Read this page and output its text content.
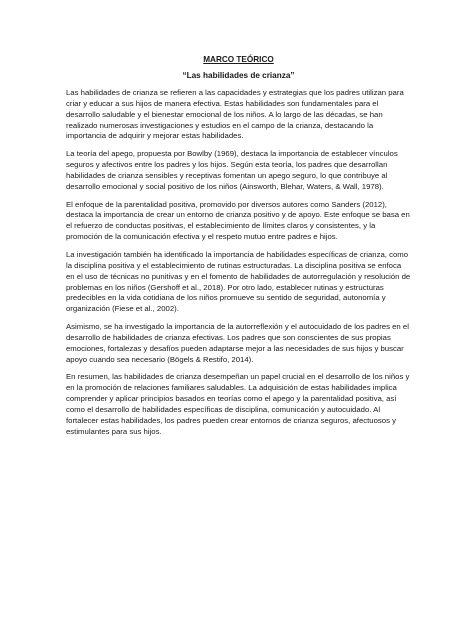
MARCO TEÓRICO

“Las habilidades de crianza”

Las habilidades de crianza se refieren a las capacidades y estrategias que los padres utilizan para criar y educar a sus hijos de manera efectiva. Estas habilidades son fundamentales para el desarrollo saludable y el bienestar emocional de los niños. A lo largo de las décadas, se han realizado numerosas investigaciones y estudios en el campo de la crianza, destacando la importancia de adquirir y mejorar estas habilidades.

La teoría del apego, propuesta por Bowlby (1969), destaca la importancia de establecer vínculos seguros y afectivos entre los padres y los hijos. Según esta teoría, los padres que desarrollan habilidades de crianza sensibles y receptivas fomentan un apego seguro, lo que contribuye al desarrollo emocional y social positivo de los niños (Ainsworth, Blehar, Waters, & Wall, 1978).

El enfoque de la parentalidad positiva, promovido por diversos autores como Sanders (2012), destaca la importancia de crear un entorno de crianza positivo y de apoyo. Este enfoque se basa en el refuerzo de conductas positivas, el establecimiento de límites claros y consistentes, y la promoción de la comunicación efectiva y el respeto mutuo entre padres e hijos.

La investigación también ha identificado la importancia de habilidades específicas de crianza, como la disciplina positiva y el establecimiento de rutinas estructuradas. La disciplina positiva se enfoca en el uso de técnicas no punitivas y en el fomento de habilidades de autorregulación y resolución de problemas en los niños (Gershoff et al., 2018). Por otro lado, establecer rutinas y estructuras predecibles en la vida cotidiana de los niños promueve su sentido de seguridad, autonomía y organización (Fiese et al., 2002).

Asimismo, se ha investigado la importancia de la autorreflexión y el autocuidado de los padres en el desarrollo de habilidades de crianza efectivas. Los padres que son conscientes de sus propias emociones, fortalezas y desafíos pueden adaptarse mejor a las necesidades de sus hijos y buscar apoyo cuando sea necesario (Bögels & Restifo, 2014).

En resumen, las habilidades de crianza desempeñan un papel crucial en el desarrollo de los niños y en la promoción de relaciones familiares saludables. La adquisición de estas habilidades implica comprender y aplicar principios basados en teorías como el apego y la parentalidad positiva, así como el desarrollo de habilidades específicas de disciplina, comunicación y autocuidado. Al fortalecer estas habilidades, los padres pueden crear entornos de crianza seguros, afectuosos y estimulantes para sus hijos.
